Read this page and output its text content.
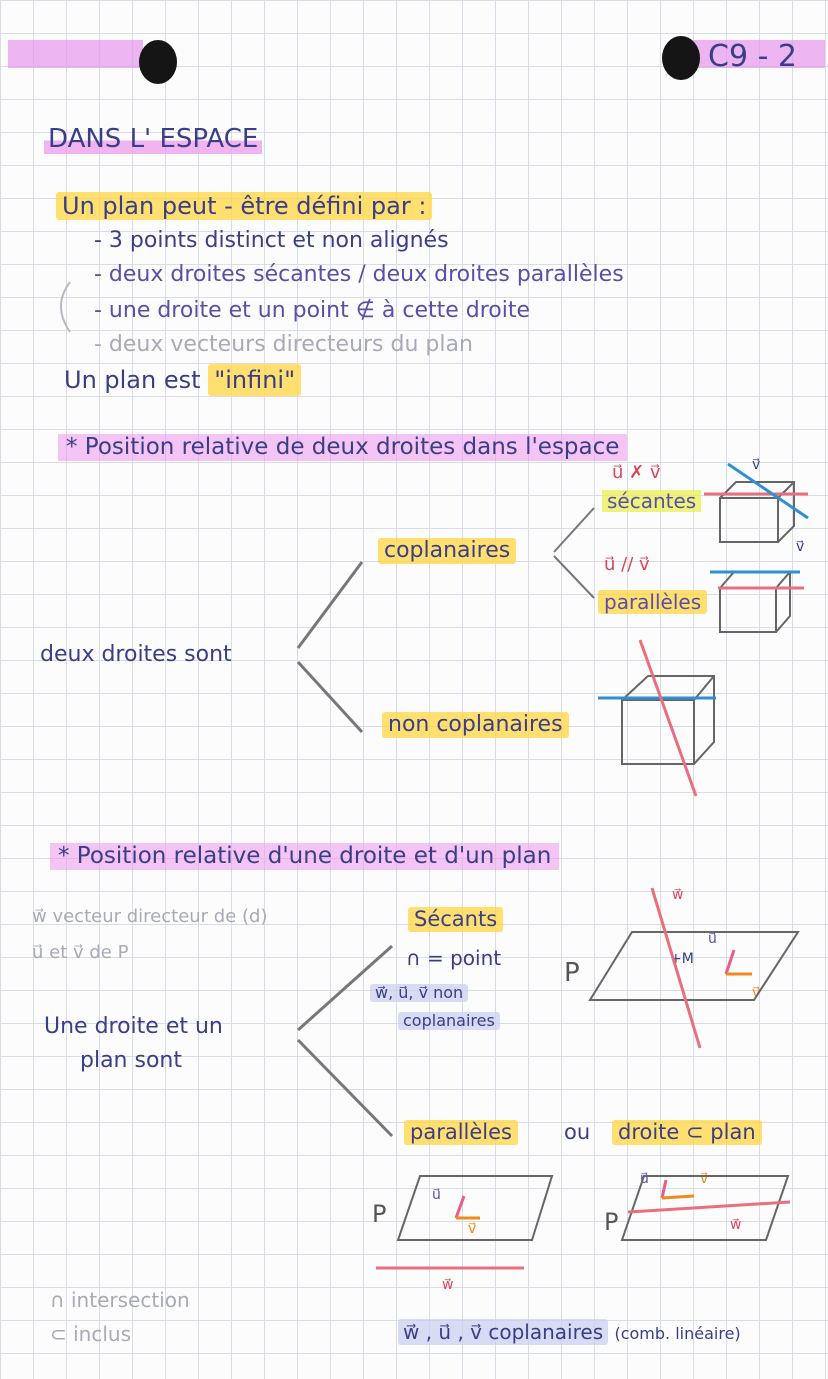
C9 - 2
DANS L' ESPACE
Un plan peut - être défini par :
- 3 points distinct et non alignés
- deux droites sécantes / deux droites parallèles
- une droite et un point ∉ à cette droite
- deux vecteurs directeurs du plan
Un plan est "infini"
* Position relative de deux droites dans l'espace
u⃗ ✗ v⃗
sécantes
u⃗ // v⃗
parallèles
v⃗
v⃗
coplanaires
deux droites sont
non coplanaires
* Position relative d'une droite et d'un plan
w⃗ vecteur directeur de (d)
u⃗ et v⃗ de P
Une droite et un
plan sont
Sécants
∩ = point
w⃗, u⃗, v⃗ non
coplanaires
P	+M
w⃗
u⃗
v⃗
parallèles ou droite ⊂ plan
P	P
u⃗
v⃗
w⃗
u⃗	v⃗
w⃗
w⃗ , u⃗ , v⃗ coplanaires (comb. linéaire)
∩ intersection
⊂ inclus
